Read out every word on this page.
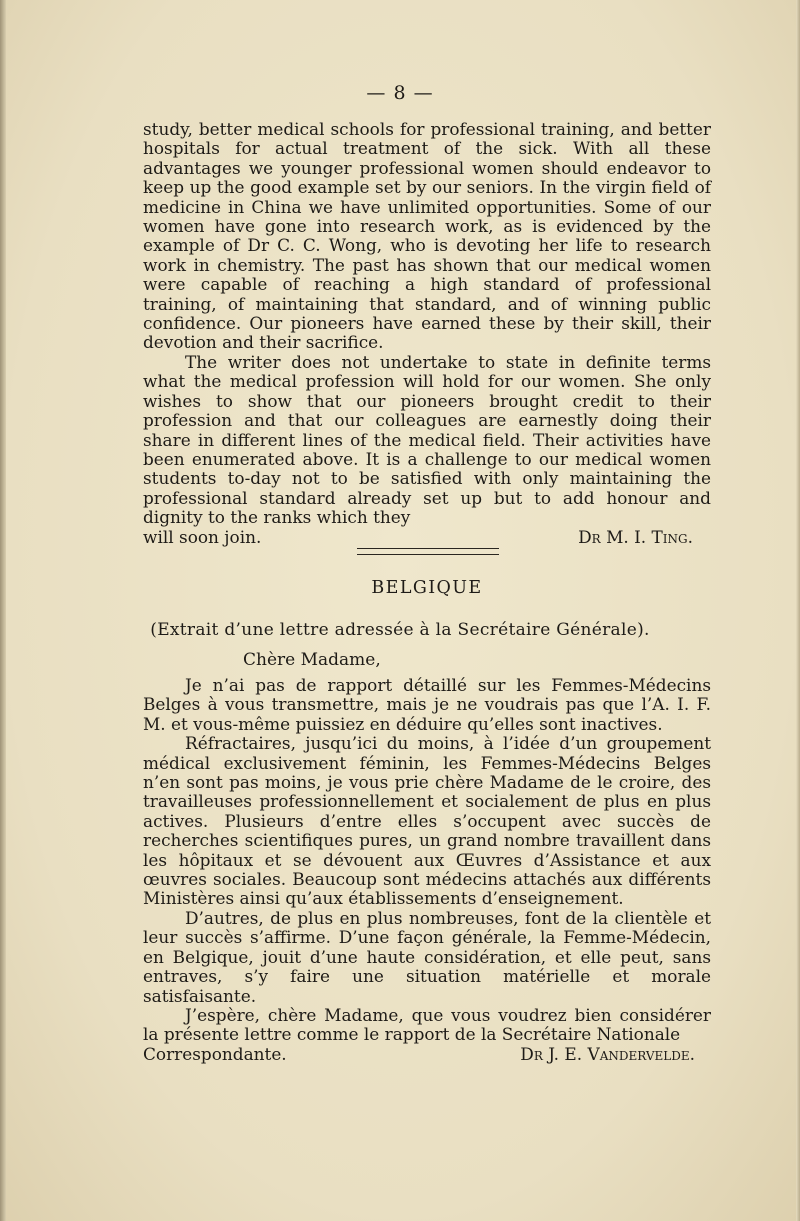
— 8 —

study, better medical schools for professional training, and better hospitals for actual treatment of the sick. With all these advantages we younger professional women should endeavor to keep up the good example set by our seniors. In the virgin field of medicine in China we have unlimited opportunities. Some of our women have gone into research work, as is evidenced by the example of Dr C. C. Wong, who is devoting her life to research work in chemistry. The past has shown that our medical women were capable of reaching a high standard of professional training, of maintaining that standard, and of winning public confidence. Our pioneers have earned these by their skill, their devotion and their sacrifice.

The writer does not undertake to state in definite terms what the medical profession will hold for our women. She only wishes to show that our pioneers brought credit to their profession and that our colleagues are earnestly doing their share in different lines of the medical field. Their activities have been enumerated above. It is a challenge to our medical women students to-day not to be satisfied with only maintaining the professional standard already set up but to add honour and dignity to the ranks which they

will soon join.	Dr M. I. Ting.

BELGIQUE
(Extrait d’une lettre adressée à la Secrétaire Générale).
Chère Madame,

Je n’ai pas de rapport détaillé sur les Femmes-Médecins Belges à vous transmettre, mais je ne voudrais pas que l’A. I. F. M. et vous-même puissiez en déduire qu’elles sont inactives.

Réfractaires, jusqu’ici du moins, à l’idée d’un groupement médical exclusivement féminin, les Femmes-Médecins Belges n’en sont pas moins, je vous prie chère Madame de le croire, des travailleuses professionnellement et socialement de plus en plus actives. Plusieurs d’entre elles s’occupent avec succès de recherches scientifiques pures, un grand nombre travaillent dans les hôpitaux et se dévouent aux Œuvres d’Assistance et aux œuvres sociales. Beaucoup sont médecins attachés aux différents Ministères ainsi qu’aux établissements d’enseignement.

D’autres, de plus en plus nombreuses, font de la clientèle et leur succès s’affirme. D’une façon générale, la Femme-Médecin, en Belgique, jouit d’une haute considération, et elle peut, sans entraves, s’y faire une situation matérielle et morale satisfaisante.

J’espère, chère Madame, que vous voudrez bien considérer la présente lettre comme le rapport de la Secrétaire Nationale

Correspondante.	Dr J. E. Vandervelde.
